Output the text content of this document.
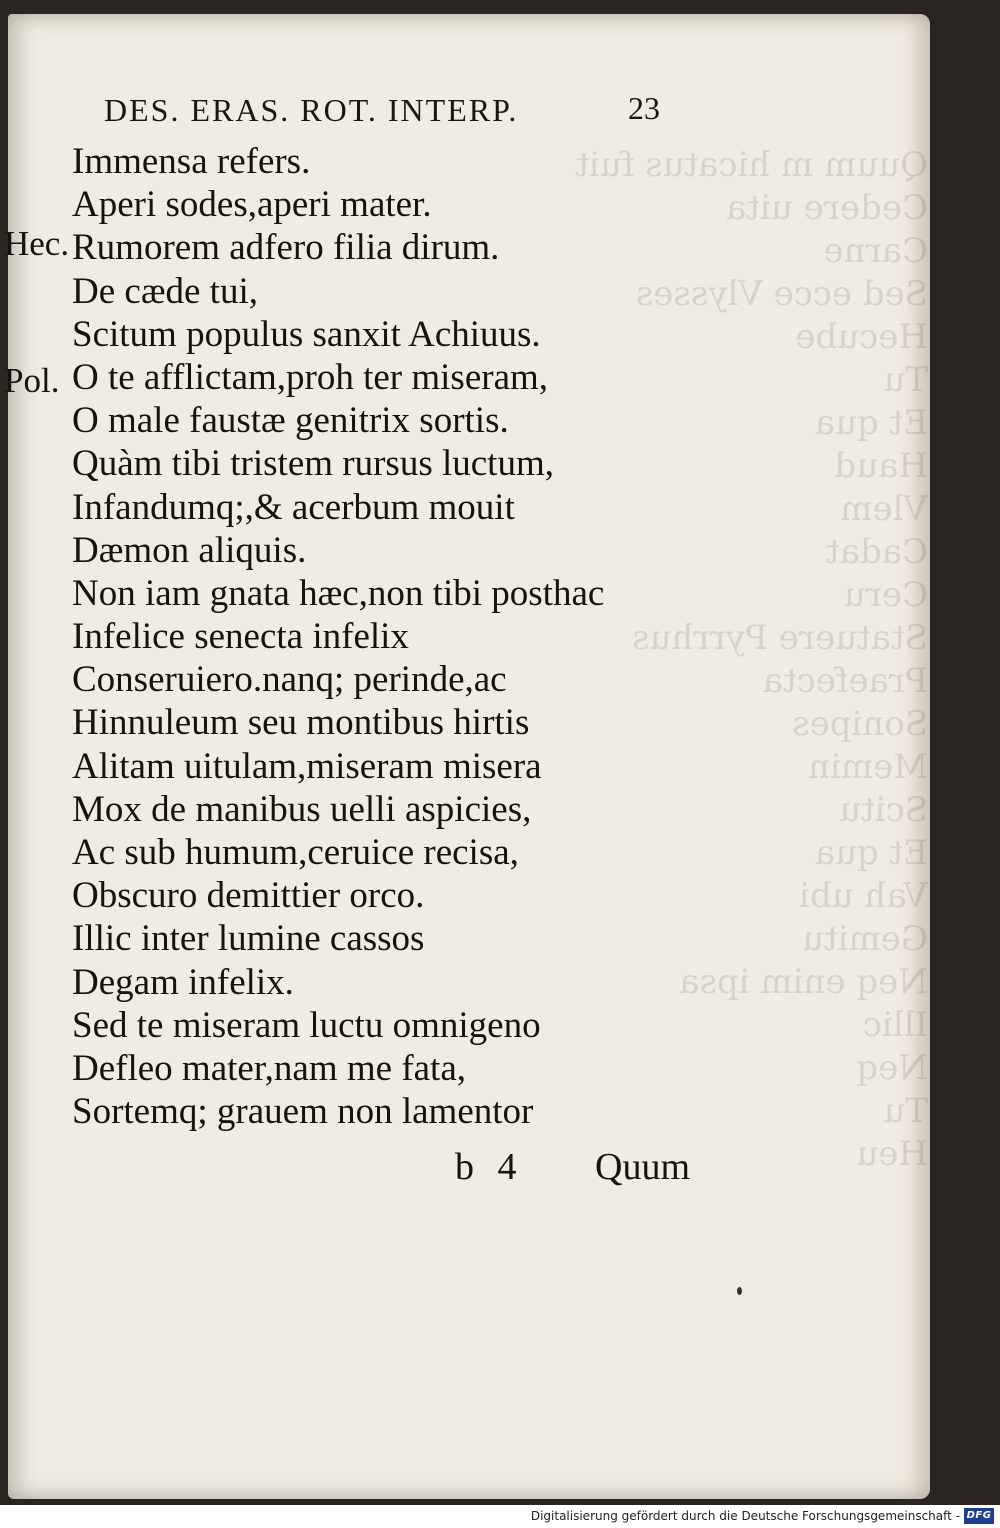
Quum m hicatus fuit
Cedere uita
Carne
Sed ecce Vlysses
Hecube
Tu
Et qua
Haud
Vlem
Cadat
Ceru
Statuere Pyrrhus
Praefecta
Sonipes
Memin
Scitu
Et qua
Vah ubi
Gemitu
Neq enim ipsa
Illic
Neq
Tu
Heu
DES. ERAS. ROT. INTERP.	23
Hec.
Pol.
Immensa refers.
Aperi sodes,aperi mater.
Rumorem adfero filia dirum.
De cæde tui,
Scitum populus sanxit Achiuus.
O te afflictam,proh ter miseram,
O male faustæ genitrix sortis.
Quàm tibi tristem rursus luctum,
Infandumq;,& acerbum mouit
Dæmon aliquis.
Non iam gnata hæc,non tibi posthac
Infelice senecta infelix
Conseruiero.nanq; perinde,ac
Hinnuleum seu montibus hirtis
Alitam uitulam,miseram misera
Mox de manibus uelli aspicies,
Ac sub humum,ceruice recisa,
Obscuro demittier orco.
Illic inter lumine cassos
Degam infelix.
Sed te miseram luctu omnigeno
Defleo mater,nam me fata,
Sortemq; grauem non lamentor
b 4 Quum
Digitalisierung gefördert durch die Deutsche Forschungsgemeinschaft - DFG
